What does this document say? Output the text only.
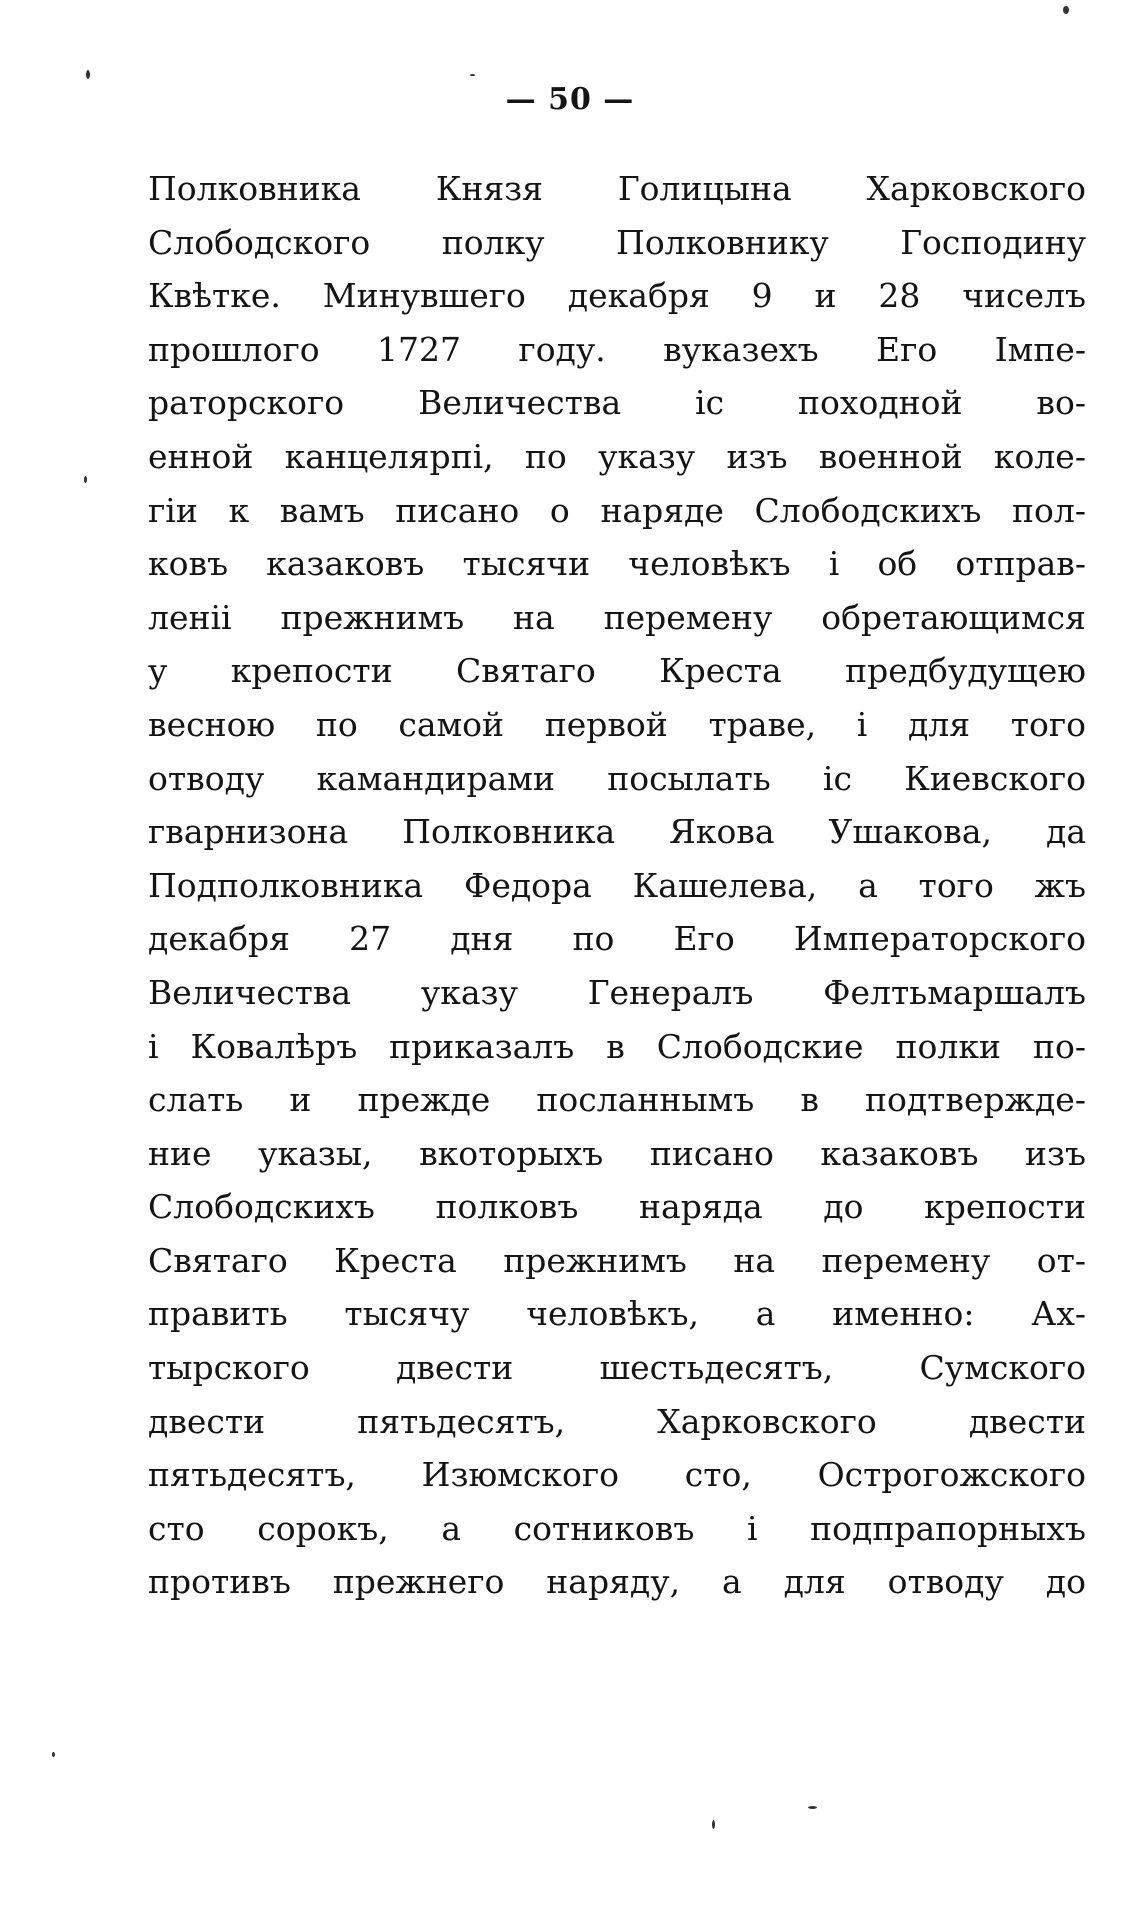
— 50 —
Полковника Князя Голицына Харковского
Слободского полку Полковнику Господину
Квѣтке. Минувшего декабря 9 и 28 чиселъ
прошлого 1727 году. вуказехъ Его Імпе-
раторского Величества іс походной во-
енной канцелярпі, по указу изъ военной коле-
гіи к вамъ писано о наряде Слободскихъ пол-
ковъ казаковъ тысячи человѣкъ і об отправ-
леніі прежнимъ на перемену обретающимся
у крепости Святаго Креста предбудущею
весною по самой первой траве, і для того
отводу камандирами посылать іс Киевского
гварнизона Полковника Якова Ушакова, да
Подполковника Федора Кашелева, а того жъ
декабря 27 дня по Его Императорского
Величества указу Генералъ Фелтьмаршалъ
і Ковалѣръ приказалъ в Слободские полки по-
слать и прежде посланнымъ в подтвержде-
ние указы, вкоторыхъ писано казаковъ изъ
Слободскихъ полковъ наряда до крепости
Святаго Креста прежнимъ на перемену от-
править тысячу человѣкъ, а именно: Ах-
тырского двести шестьдесятъ, Сумского
двести пятьдесятъ, Харковского двести
пятьдесятъ, Изюмского сто, Острогожского
сто сорокъ, а сотниковъ і подпрапорныхъ
противъ прежнего наряду, а для отводу до
